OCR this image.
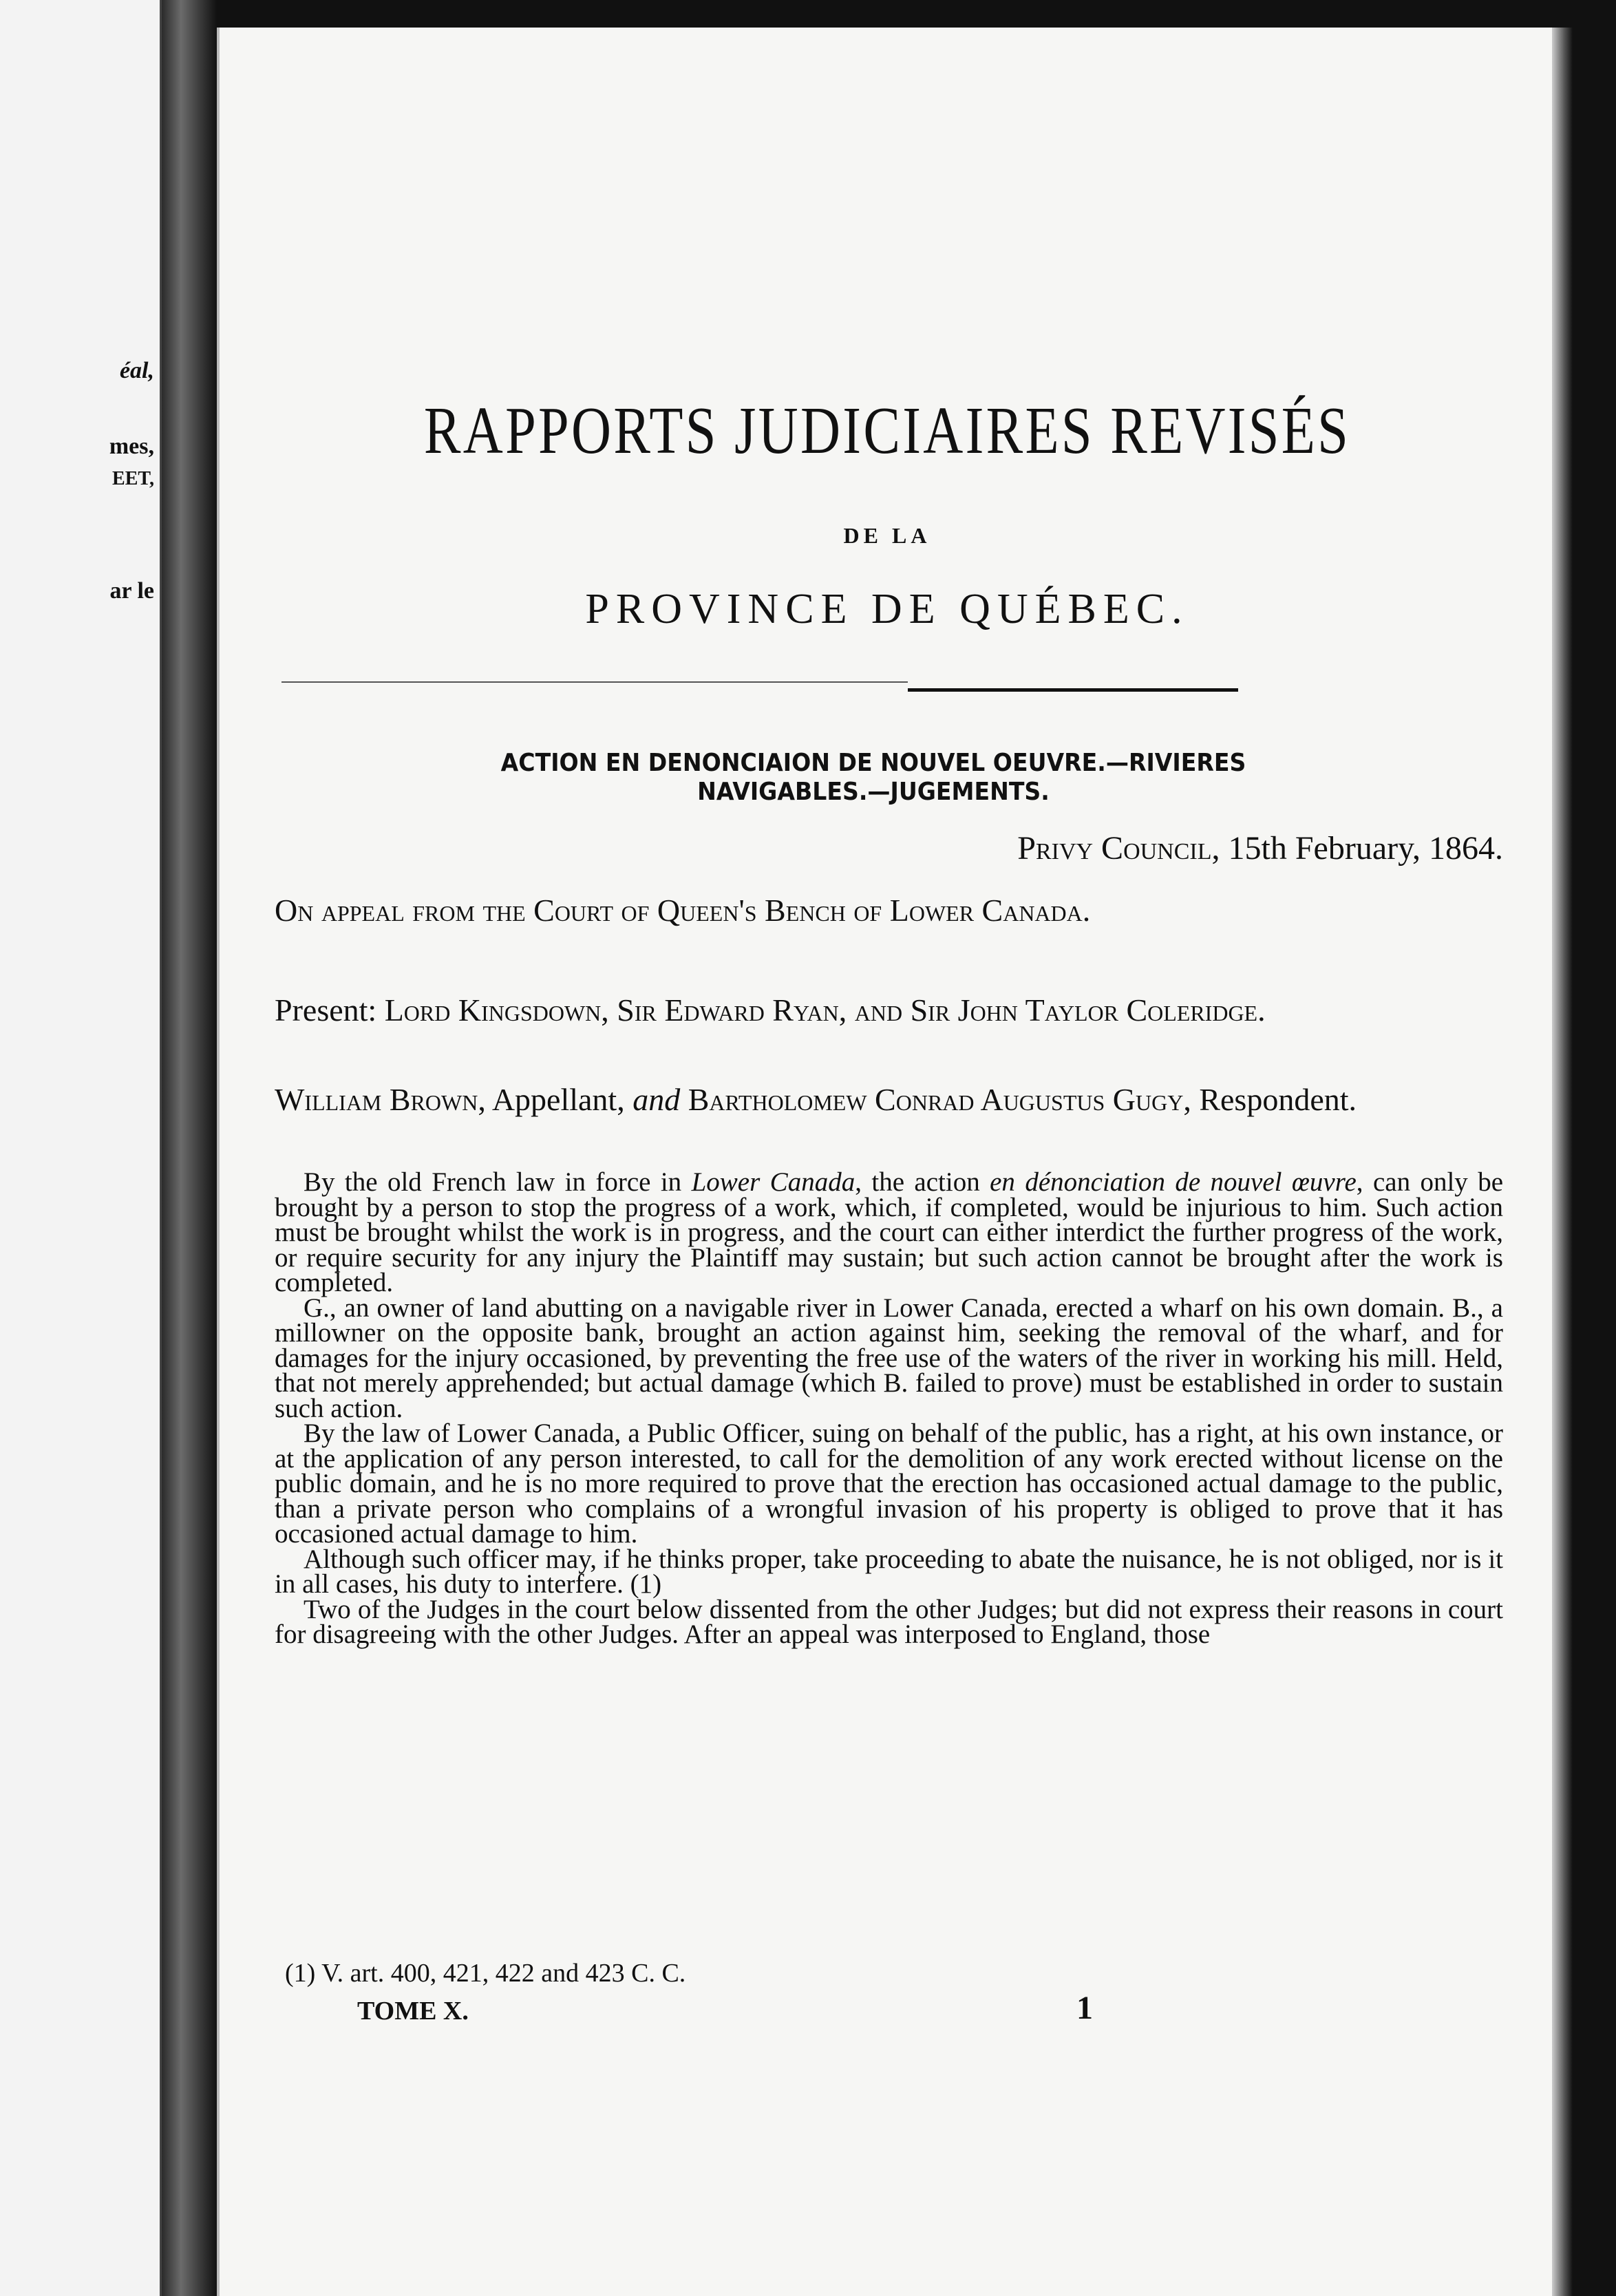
éal,
mes,
EET,
ar le
RAPPORTS JUDICIAIRES REVISÉS
DE LA
PROVINCE DE QUÉBEC.
ACTION EN DENONCIAION DE NOUVEL OEUVRE.—RIVIERES
NAVIGABLES.—JUGEMENTS.
Privy Council, 15th February, 1864.
On appeal from the Court of Queen's Bench of Lower Canada.
Present: Lord Kingsdown, Sir Edward Ryan, and Sir John Taylor Coleridge.
William Brown, Appellant, and Bartholomew Conrad Augustus Gugy, Respondent.

By the old French law in force in Lower Canada, the action en dénonciation de nouvel œuvre, can only be brought by a person to stop the progress of a work, which, if completed, would be injurious to him. Such action must be brought whilst the work is in progress, and the court can either interdict the further progress of the work, or require security for any injury the Plaintiff may sustain; but such action cannot be brought after the work is completed.

G., an owner of land abutting on a navigable river in Lower Canada, erected a wharf on his own domain. B., a millowner on the opposite bank, brought an action against him, seeking the removal of the wharf, and for damages for the injury occasioned, by preventing the free use of the waters of the river in working his mill. Held, that not merely apprehended; but actual damage (which B. failed to prove) must be established in order to sustain such action.

By the law of Lower Canada, a Public Officer, suing on behalf of the public, has a right, at his own instance, or at the application of any person interested, to call for the demolition of any work erected without license on the public domain, and he is no more required to prove that the erection has occasioned actual damage to the public, than a private person who complains of a wrongful invasion of his property is obliged to prove that it has occasioned actual damage to him.

Although such officer may, if he thinks proper, take proceeding to abate the nuisance, he is not obliged, nor is it in all cases, his duty to interfere. (1)

Two of the Judges in the court below dissented from the other Judges; but did not express their reasons in court for disagreeing with the other Judges. After an appeal was interposed to England, those

(1) V. art. 400, 421, 422 and 423 C. C.
TOME X.	1
